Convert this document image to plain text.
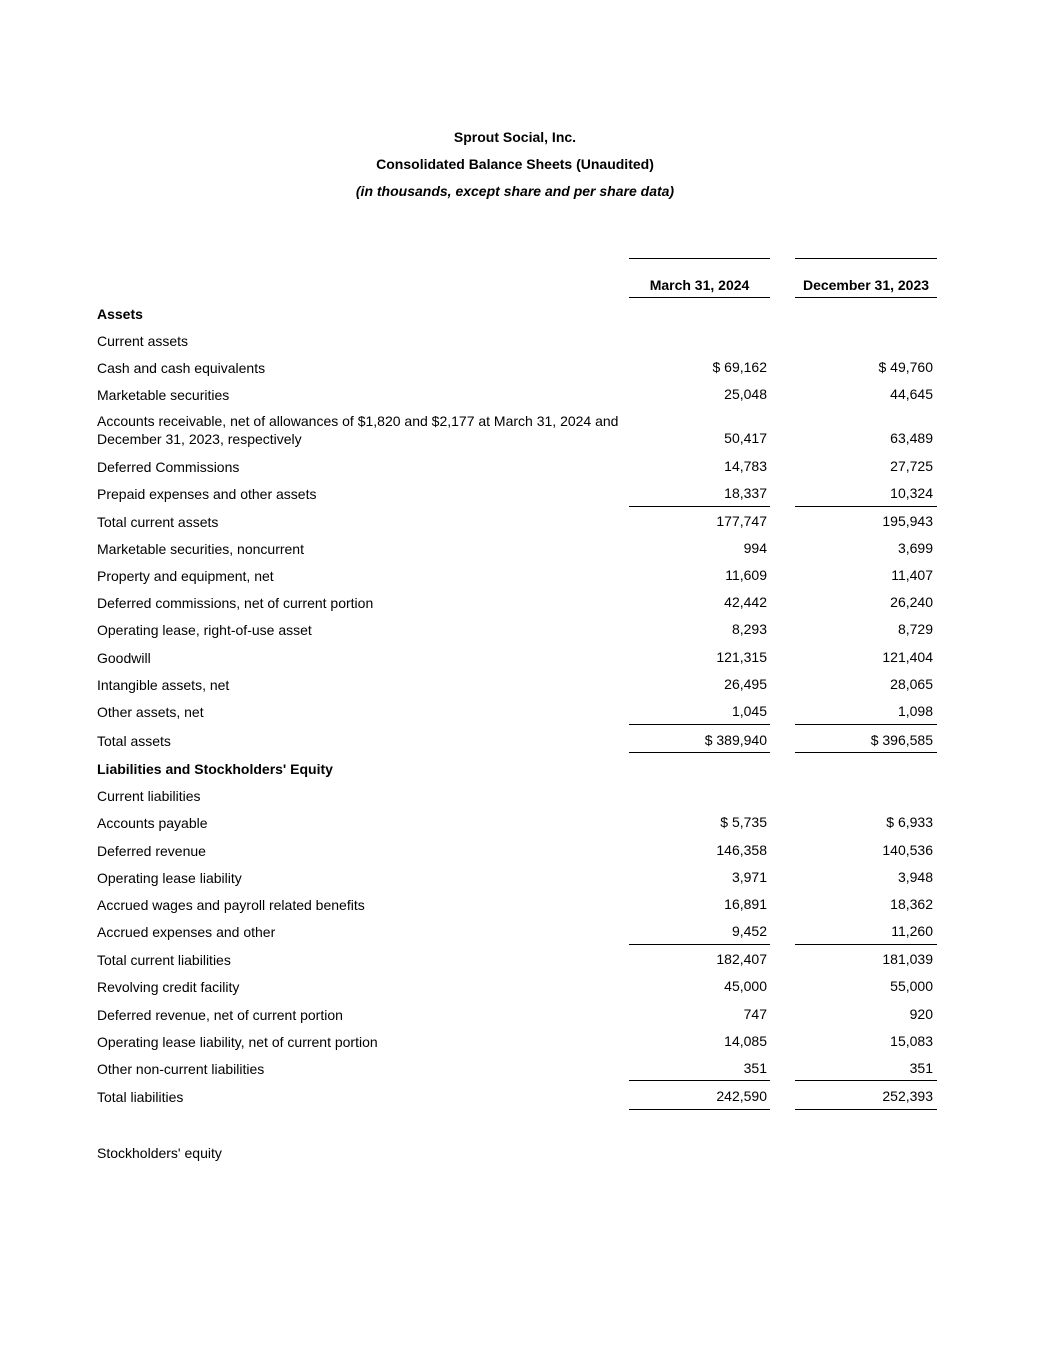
Sprout Social, Inc.
Consolidated Balance Sheets (Unaudited)
(in thousands, except share and per share data)
March 31, 2024	December 31, 2023
Assets
Current assets
Cash and cash equivalents	$ 69,162	$ 49,760
Marketable securities	25,048	44,645
Accounts receivable, net of allowances of $1,820 and $2,177 at March 31, 2024 and
December 31, 2023, respectively	50,417	63,489
Deferred Commissions	14,783	27,725
Prepaid expenses and other assets	18,337	10,324
Total current assets	177,747	195,943
Marketable securities, noncurrent	994	3,699
Property and equipment, net	11,609	11,407
Deferred commissions, net of current portion	42,442	26,240
Operating lease, right-of-use asset	8,293	8,729
Goodwill	121,315	121,404
Intangible assets, net	26,495	28,065
Other assets, net	1,045	1,098
Total assets	$ 389,940	$ 396,585
Liabilities and Stockholders' Equity
Current liabilities
Accounts payable	$ 5,735	$ 6,933
Deferred revenue	146,358	140,536
Operating lease liability	3,971	3,948
Accrued wages and payroll related benefits	16,891	18,362
Accrued expenses and other	9,452	11,260
Total current liabilities	182,407	181,039
Revolving credit facility	45,000	55,000
Deferred revenue, net of current portion	747	920
Operating lease liability, net of current portion	14,085	15,083
Other non-current liabilities	351	351
Total liabilities	242,590	252,393
Stockholders' equity
